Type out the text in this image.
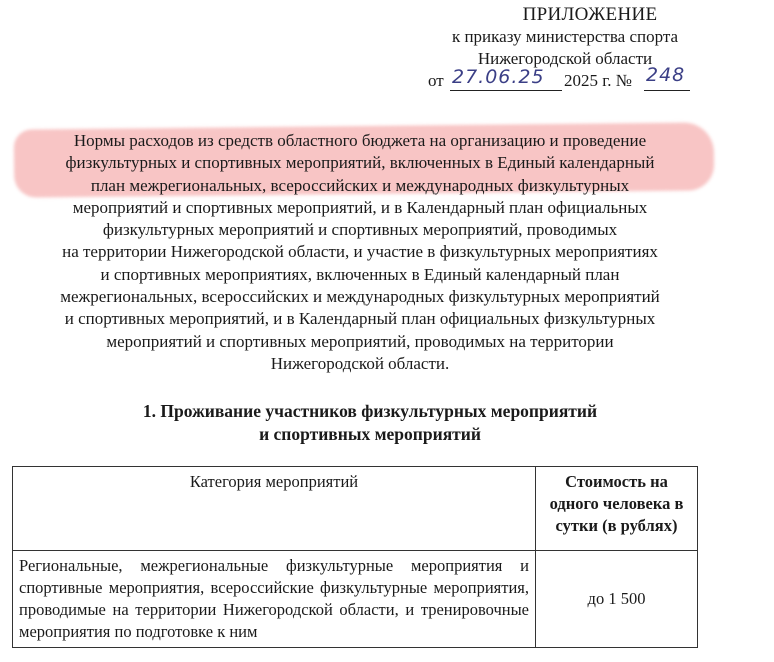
ПРИЛОЖЕНИЕ
к приказу министерства спорта
Нижегородской области
от 27.06.25 2025 г. № 248
Нормы расходов из средств областного бюджета на организацию и проведение
физкультурных и спортивных мероприятий, включенных в Единый календарный
план межрегиональных, всероссийских и международных физкультурных
мероприятий и спортивных мероприятий, и в Календарный план официальных
физкультурных мероприятий и спортивных мероприятий, проводимых
на территории Нижегородской области, и участие в физкультурных мероприятиях
и спортивных мероприятиях, включенных в Единый календарный план
межрегиональных, всероссийских и международных физкультурных мероприятий
и спортивных мероприятий, и в Календарный план официальных физкультурных
мероприятий и спортивных мероприятий, проводимых на территории
Нижегородской области.
1. Проживание участников физкультурных мероприятий
и спортивных мероприятий
Категория мероприятий	Стоимость на одного человека в сутки (в рублях)
Региональные, межрегиональные физкультурные мероприятия и спортивные мероприятия, всероссийские физкультурные мероприятия, проводимые на территории Нижегородской области, и тренировочные мероприятия по подготовке к ним	до 1 500
